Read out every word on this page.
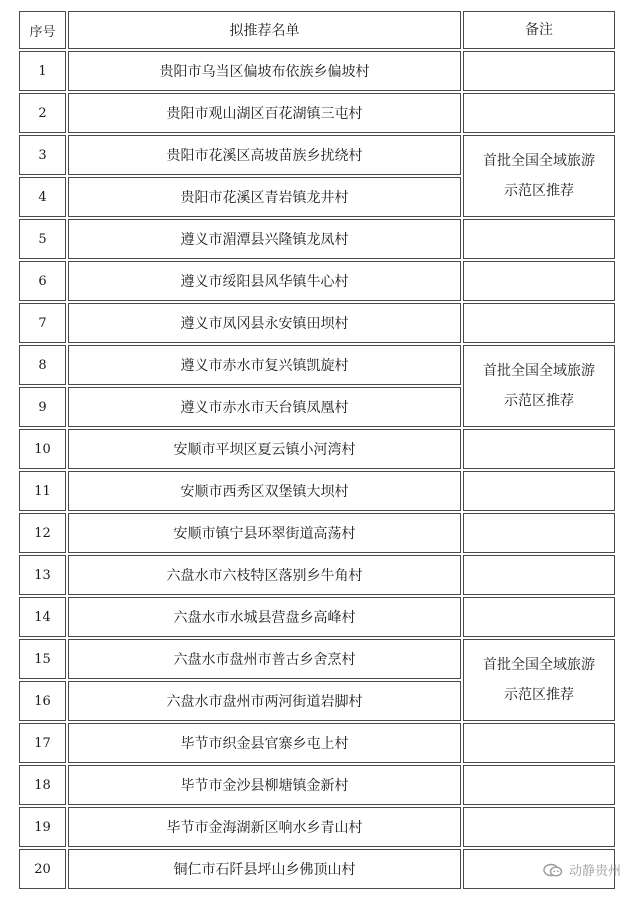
序号	拟推荐名单	备注
1	贵阳市乌当区偏坡布依族乡偏坡村	
2	贵阳市观山湖区百花湖镇三屯村	
3	贵阳市花溪区高坡苗族乡扰绕村	首批全国全域旅游
示范区推荐

4	贵阳市花溪区青岩镇龙井村	
5	遵义市湄潭县兴隆镇龙凤村	
6	遵义市绥阳县风华镇牛心村	
7	遵义市凤冈县永安镇田坝村	
8	遵义市赤水市复兴镇凯旋村	首批全国全域旅游
示范区推荐

9	遵义市赤水市天台镇凤凰村	
10	安顺市平坝区夏云镇小河湾村	
11	安顺市西秀区双堡镇大坝村	
12	安顺市镇宁县环翠街道高荡村	
13	六盘水市六枝特区落别乡牛角村	
14	六盘水市水城县营盘乡高峰村	
15	六盘水市盘州市普古乡舍烹村	首批全国全域旅游
示范区推荐

16	六盘水市盘州市两河街道岩脚村	
17	毕节市织金县官寨乡屯上村	
18	毕节市金沙县柳塘镇金新村	
19	毕节市金海湖新区响水乡青山村	
20	铜仁市石阡县坪山乡佛顶山村		动静贵州
